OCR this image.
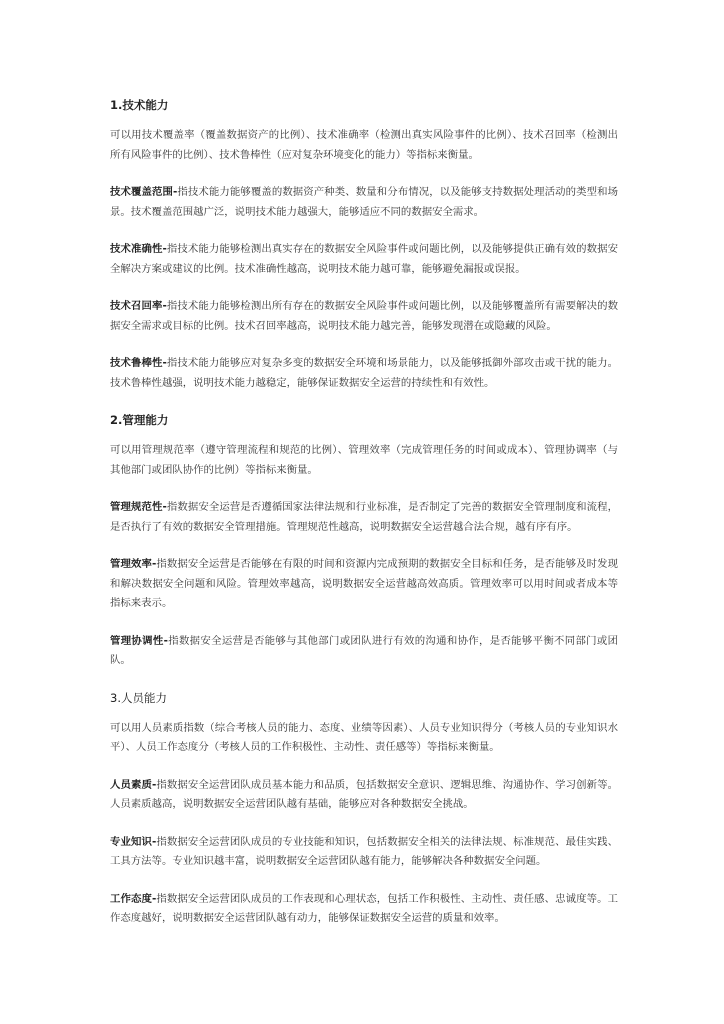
1.技术能力

可以用技术覆盖率（覆盖数据资产的比例）、技术准确率（检测出真实风险事件的比例）、技术召回率（检测出所有风险事件的比例）、技术鲁棒性（应对复杂环境变化的能力）等指标来衡量。

技术覆盖范围-指技术能力能够覆盖的数据资产种类、数量和分布情况，以及能够支持数据处理活动的类型和场景。技术覆盖范围越广泛，说明技术能力越强大，能够适应不同的数据安全需求。

技术准确性-指技术能力能够检测出真实存在的数据安全风险事件或问题比例，以及能够提供正确有效的数据安全解决方案或建议的比例。技术准确性越高，说明技术能力越可靠，能够避免漏报或误报。

技术召回率-指技术能力能够检测出所有存在的数据安全风险事件或问题比例，以及能够覆盖所有需要解决的数据安全需求或目标的比例。技术召回率越高，说明技术能力越完善，能够发现潜在或隐藏的风险。

技术鲁棒性-指技术能力能够应对复杂多变的数据安全环境和场景能力，以及能够抵御外部攻击或干扰的能力。技术鲁棒性越强，说明技术能力越稳定，能够保证数据安全运营的持续性和有效性。

2.管理能力

可以用管理规范率（遵守管理流程和规范的比例）、管理效率（完成管理任务的时间或成本）、管理协调率（与其他部门或团队协作的比例）等指标来衡量。

管理规范性-指数据安全运营是否遵循国家法律法规和行业标准，是否制定了完善的数据安全管理制度和流程，是否执行了有效的数据安全管理措施。管理规范性越高，说明数据安全运营越合法合规，越有序有序。

管理效率-指数据安全运营是否能够在有限的时间和资源内完成预期的数据安全目标和任务，是否能够及时发现和解决数据安全问题和风险。管理效率越高，说明数据安全运营越高效高质。管理效率可以用时间或者成本等指标来表示。

管理协调性-指数据安全运营是否能够与其他部门或团队进行有效的沟通和协作，是否能够平衡不同部门或团队。

3.人员能力

可以用人员素质指数（综合考核人员的能力、态度、业绩等因素）、人员专业知识得分（考核人员的专业知识水平）、人员工作态度分（考核人员的工作积极性、主动性、责任感等）等指标来衡量。

人员素质-指数据安全运营团队成员基本能力和品质，包括数据安全意识、逻辑思维、沟通协作、学习创新等。人员素质越高，说明数据安全运营团队越有基础，能够应对各种数据安全挑战。

专业知识-指数据安全运营团队成员的专业技能和知识，包括数据安全相关的法律法规、标准规范、最佳实践、工具方法等。专业知识越丰富，说明数据安全运营团队越有能力，能够解决各种数据安全问题。

工作态度-指数据安全运营团队成员的工作表现和心理状态，包括工作积极性、主动性、责任感、忠诚度等。工作态度越好，说明数据安全运营团队越有动力，能够保证数据安全运营的质量和效率。
